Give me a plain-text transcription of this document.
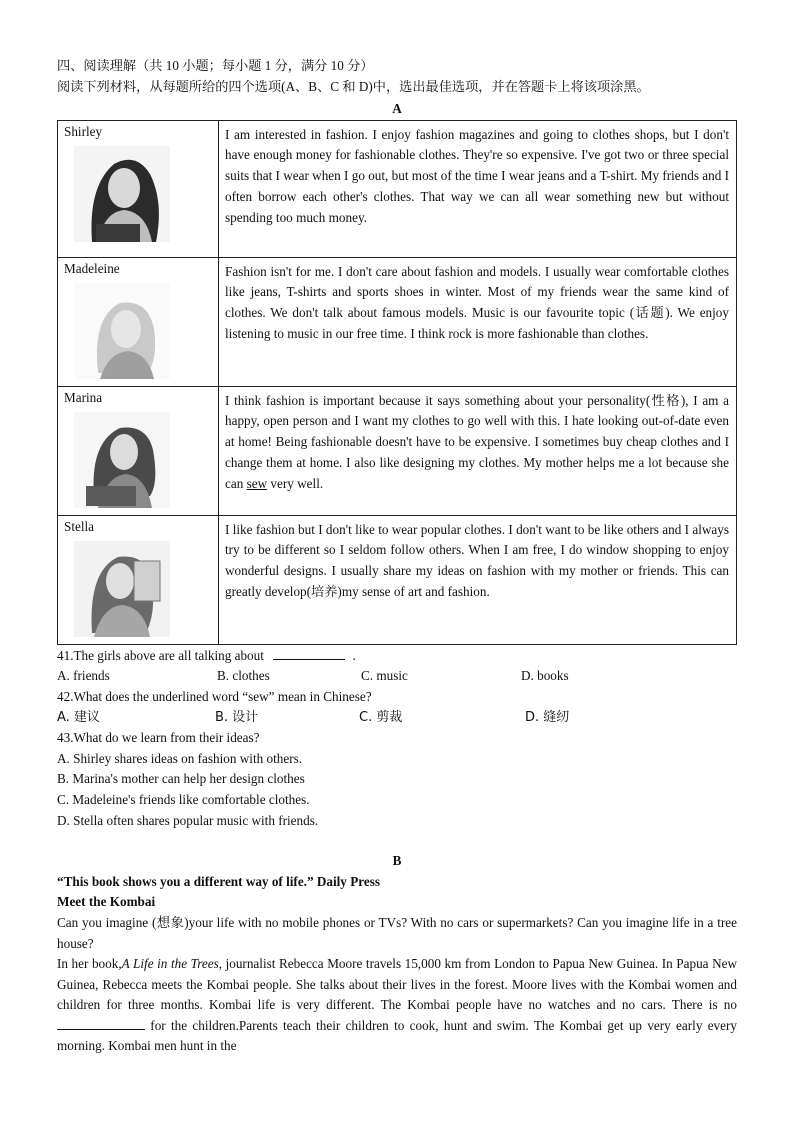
四、阅读理解（共 10 小题；每小题 1 分，满分 10 分）
阅读下列材料，从每题所给的四个选项(A、B、C 和 D)中，选出最佳选项，并在答题卡上将该项涂黑。
A
Shirley	I am interested in fashion. I enjoy fashion magazines and going to clothes shops, but I don't have enough money for fashionable clothes. They're so expensive. I've got two or three special suits that I wear when I go out, but most of the time I wear jeans and a T-shirt. My friends and I often borrow each other's clothes. That way we can all wear something new but without spending too much money.

Madeleine	Fashion isn't for me. I don't care about fashion and models. I usually wear comfortable clothes like jeans, T-shirts and sports shoes in winter. Most of my friends wear the same kind of clothes. We don't talk about famous models. Music is our favourite topic (话题). We enjoy listening to music in our free time. I think rock is more fashionable than clothes.

Marina	I think fashion is important because it says something about your personality(性格), I am a happy, open person and I want my clothes to go well with this. I hate looking out-of-date even at home! Being fashionable doesn't have to be expensive. I sometimes buy cheap clothes and I change them at home. I also like designing my clothes. My mother helps me a lot because she can sew very well.

Stella	I like fashion but I don't like to wear popular clothes. I don't want to be like others and I always try to be different so I seldom follow others. When I am free, I do window shopping to enjoy wonderful designs. I usually share my ideas on fashion with my mother or friends. This can greatly develop(培养)my sense of art and fashion.
41.The girls above are all talking about	.
A. friends	B. clothes	C. music	D. books
42.What does the underlined word “sew” mean in Chinese?
A. 建议	B. 设计	C. 剪裁	D. 缝纫
43.What do we learn from their ideas?
A. Shirley shares ideas on fashion with others.
B. Marina's mother can help her design clothes
C. Madeleine's friends like comfortable clothes.
D. Stella often shares popular music with friends.
B
“This book shows you a different way of life.” Daily Press
Meet the Kombai
Can you imagine (想象)your life with no mobile phones or TVs? With no cars or supermarkets? Can you imagine life in a tree house?
In her book,A Life in the Trees, journalist Rebecca Moore travels 15,000 km from London to Papua New Guinea. In Papua New Guinea, Rebecca meets the Kombai people. She talks about their lives in the forest. Moore lives with the Kombai women and children for three months. Kombai life is very different. The Kombai people have no watches and no cars. There is no  for the children.Parents teach their children to cook, hunt and swim. The Kombai get up very early every morning. Kombai men hunt in the
